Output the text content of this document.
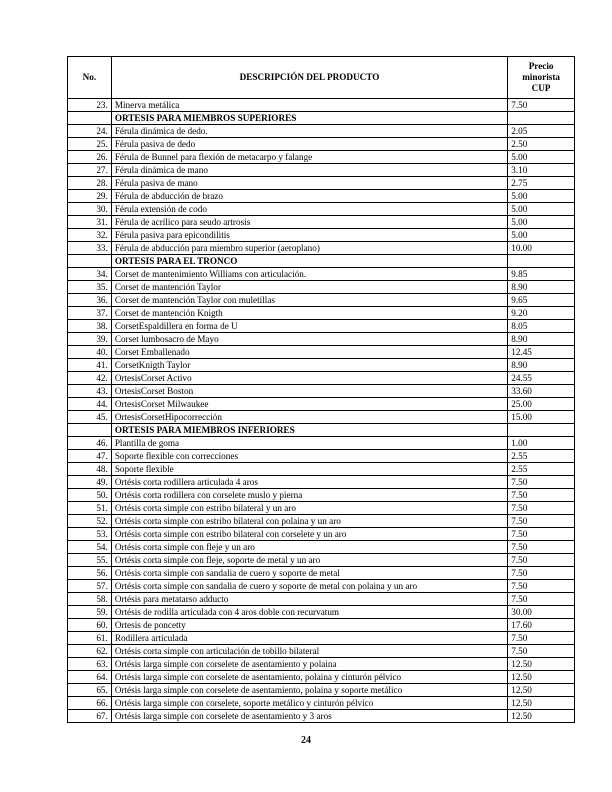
No.	DESCRIPCIÓN DEL PRODUCTO	Precio
minorista
CUP
23.	Minerva metálica	7.50
	ORTESIS PARA MIEMBROS SUPERIORES	
24.	Férula dinámica de dedo.	2.05
25.	Férula pasiva de dedo	2.50
26.	Férula de Bunnel para flexión de metacarpo y falange	5.00
27.	Férula dinámica de mano	3.10
28.	Férula pasiva de mano	2.75
29.	Férula de abducción de brazo	5.00
30.	Férula extensión de codo	5.00
31.	Férula de acrílico para seudo artrosis	5.00
32.	Férula pasiva para epicondilitis	5.00
33.	Férula de abducción para miembro superior (aeroplano)	10.00
	ORTESIS PARA EL TRONCO	
34.	Corset de mantenimiento Williams con articulación.	9.85
35.	Corset de mantención Taylor	8.90
36.	Corset de mantención Taylor con muletillas	9.65
37.	Corset de mantención Knigth	9.20
38.	CorsetEspaldillera en forma de U	8.05
39.	Corset lumbosacro de Mayo	8.90
40.	Corset Emballenado	12.45
41.	CorsetKnigth Taylor	8.90
42.	OrtesisCorset Activo	24.55
43.	OrtesisCorset Boston	33.60
44.	OrtesisCorset Milwaukee	25.00
45.	OrtesisCorsetHipocorrección	15.00
	ORTESIS PARA MIEMBROS INFERIORES	
46.	Plantilla de goma	1.00
47.	Soporte flexible con correcciones	2.55
48.	Soporte flexible	2.55
49.	Ortésis corta rodillera articulada 4 aros	7.50
50.	Ortésis corta rodillera con corselete muslo y pierna	7.50
51.	Ortésis corta simple con estribo bilateral y un aro	7.50
52.	Ortésis corta simple con estribo bilateral con polaina y un aro	7.50
53.	Ortésis corta simple con estribo bilateral con corselete y un aro	7.50
54.	Ortésis corta simple con fleje y un aro	7.50
55.	Ortésis corta simple con fleje, soporte de metal y un aro	7.50
56.	Ortésis corta simple con sandalia de cuero y soporte de metal	7.50
57.	Ortésis corta simple con sandalia de cuero y soporte de metal con polaina y un aro	7.50
58.	Ortésis para metatarso adducto	7.50
59.	Ortésis de rodilla articulada con 4 aros doble con recurvatum	30.00
60.	Ortesis de poncetty	17.60
61.	Rodillera articulada	7.50
62.	Ortésis corta simple con articulación de tobillo bilateral	7.50
63.	Ortésis larga simple con corselete de asentamiento y polaina	12.50
64.	Ortésis larga simple con corselete de asentamiento, polaina y cinturón pélvico	12.50
65.	Ortésis larga simple con corselete de asentamiento, polaina y soporte metálico	12.50
66.	Ortésis larga simple con corselete, soporte metálico y cinturón pélvico	12.50
67.	Ortésis larga simple con corselete de asentamiento y 3 aros	12.50
24
